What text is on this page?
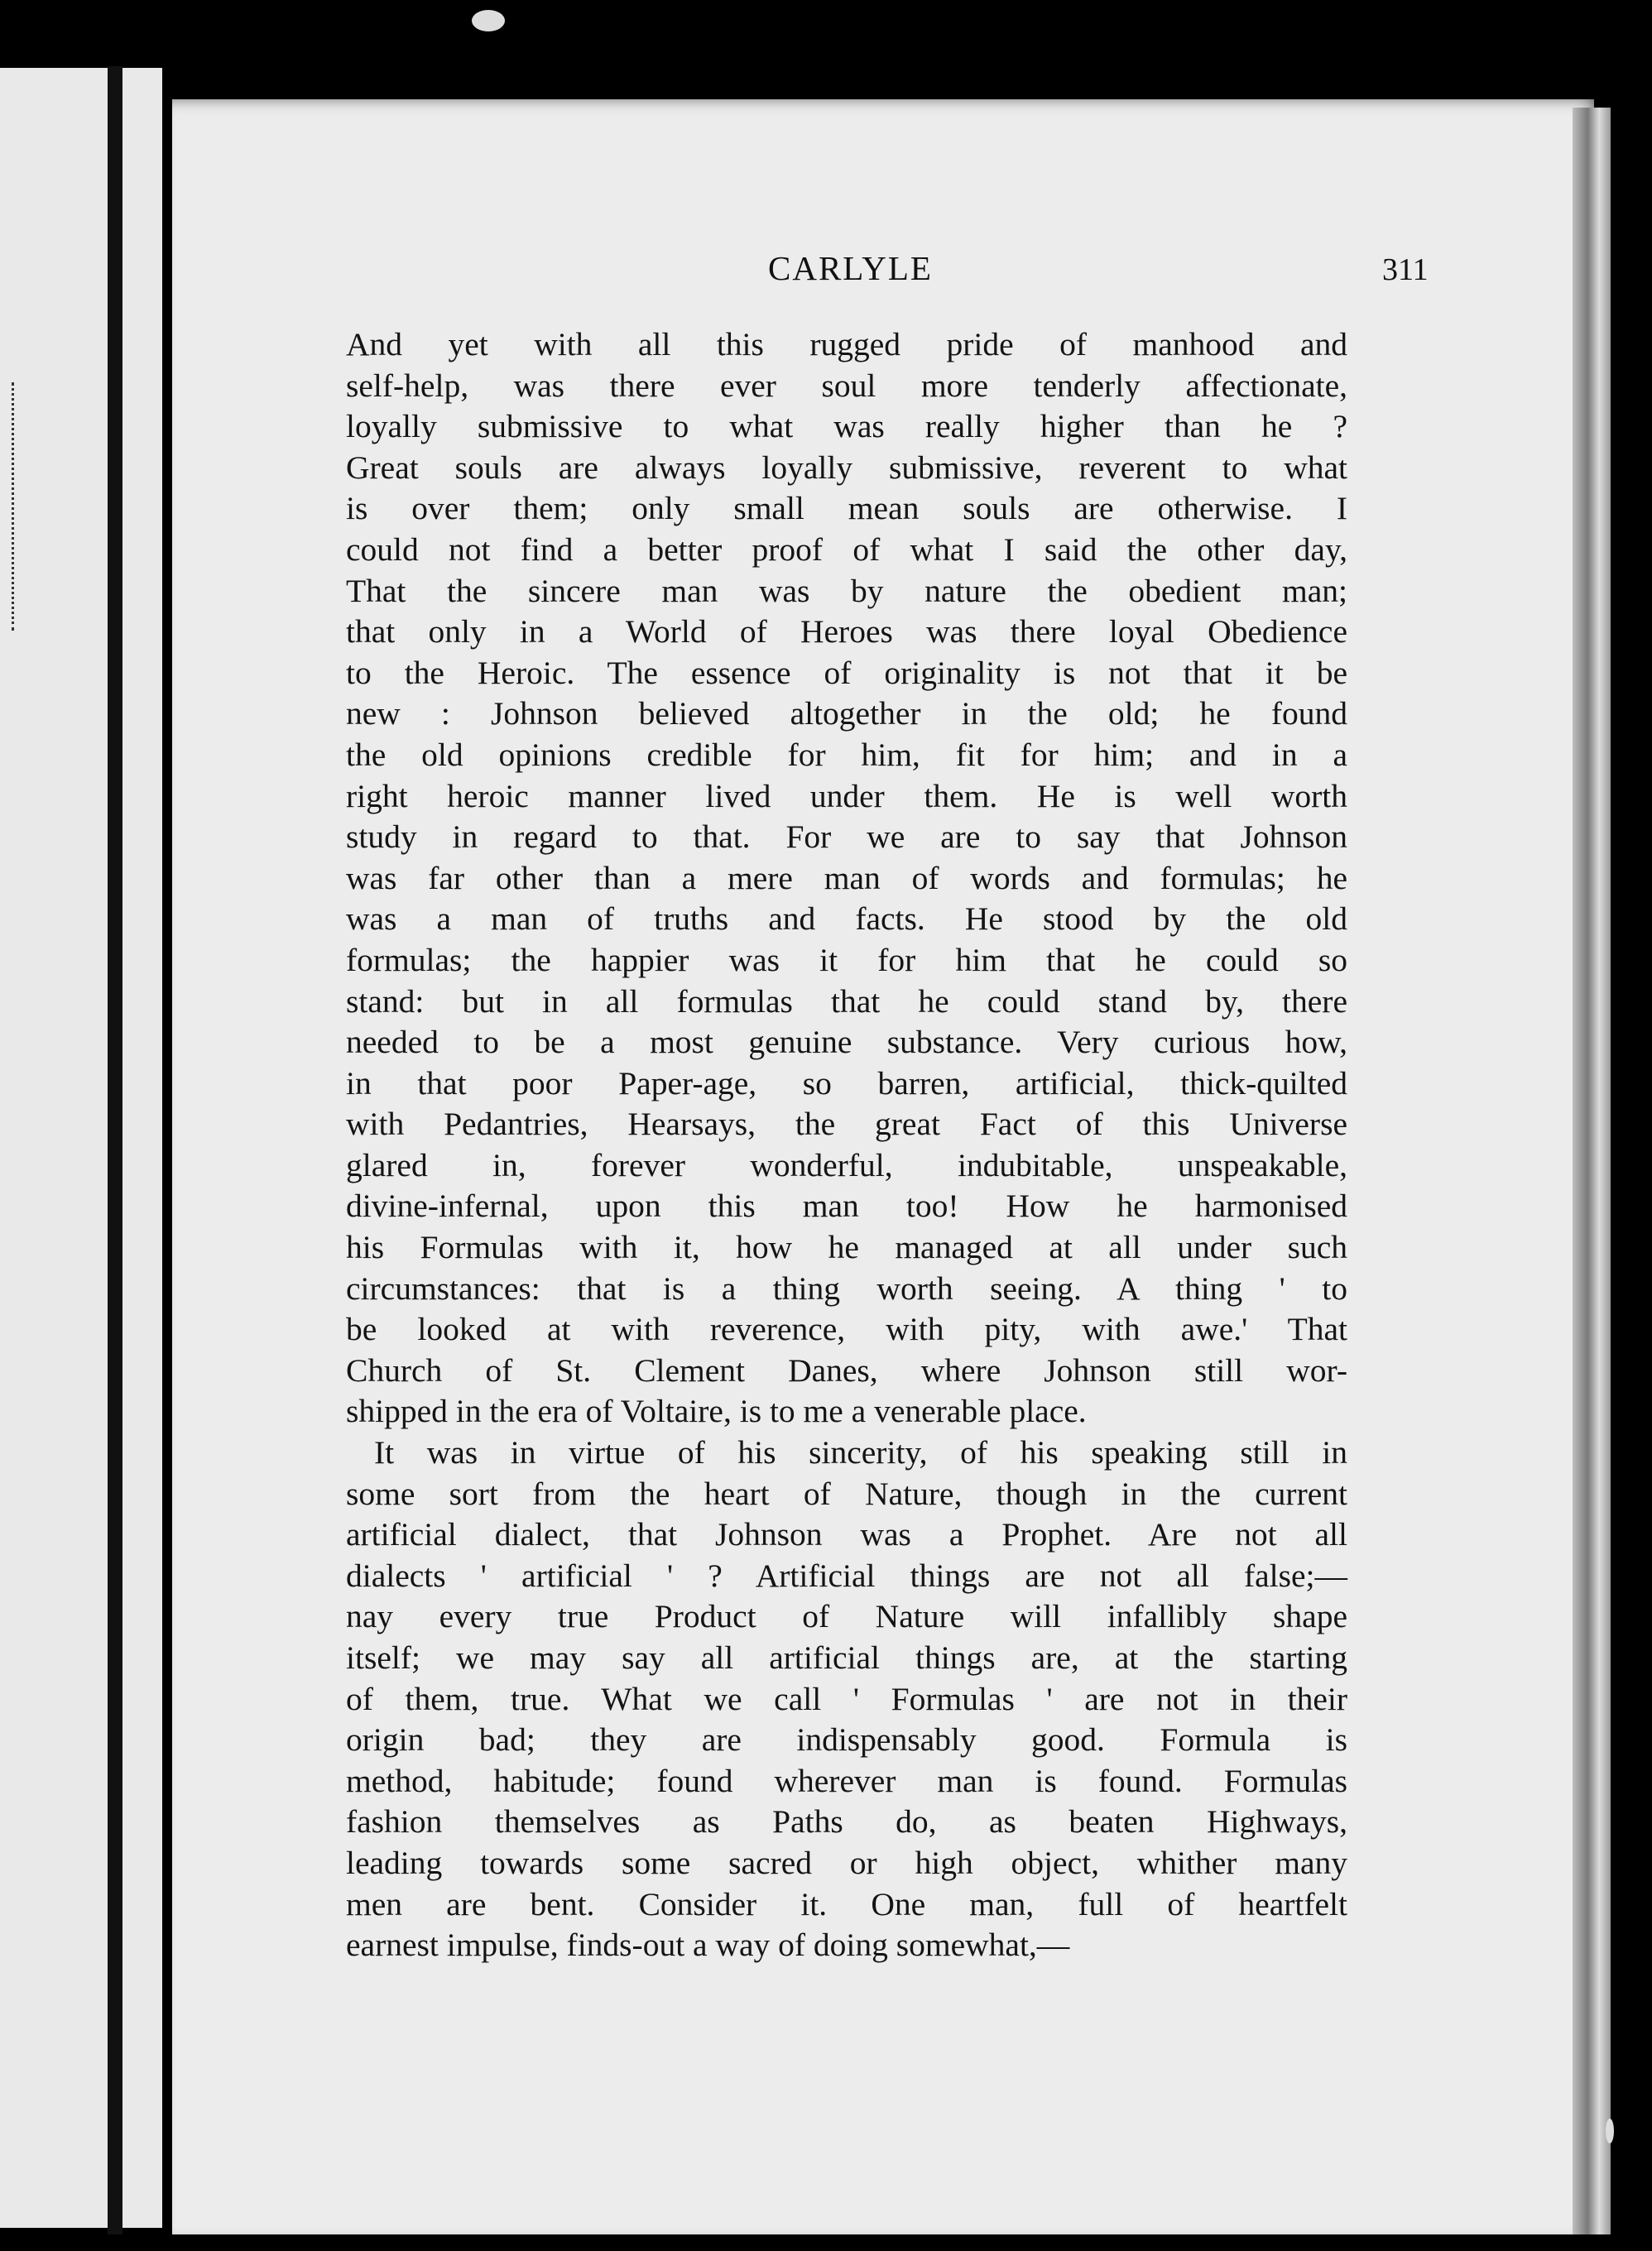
CARLYLE	311
And yet with all this rugged pride of manhood and
self-help, was there ever soul more tenderly affectionate,
loyally submissive to what was really higher than he ?
Great souls are always loyally submissive, reverent to what
is over them; only small mean souls are otherwise. I
could not find a better proof of what I said the other day,
That the sincere man was by nature the obedient man;
that only in a World of Heroes was there loyal Obedience
to the Heroic. The essence of originality is not that it be
new : Johnson believed altogether in the old; he found
the old opinions credible for him, fit for him; and in a
right heroic manner lived under them. He is well worth
study in regard to that. For we are to say that Johnson
was far other than a mere man of words and formulas; he
was a man of truths and facts. He stood by the old
formulas; the happier was it for him that he could so
stand: but in all formulas that he could stand by, there
needed to be a most genuine substance. Very curious how,
in that poor Paper-age, so barren, artificial, thick-quilted
with Pedantries, Hearsays, the great Fact of this Universe
glared in, forever wonderful, indubitable, unspeakable,
divine-infernal, upon this man too! How he harmonised
his Formulas with it, how he managed at all under such
circumstances: that is a thing worth seeing. A thing ' to
be looked at with reverence, with pity, with awe.' That
Church of St. Clement Danes, where Johnson still wor-
shipped in the era of Voltaire, is to me a venerable place.
It was in virtue of his sincerity, of his speaking still in
some sort from the heart of Nature, though in the current
artificial dialect, that Johnson was a Prophet. Are not all
dialects ' artificial ' ? Artificial things are not all false;—
nay every true Product of Nature will infallibly shape
itself; we may say all artificial things are, at the starting
of them, true. What we call ' Formulas ' are not in their
origin bad; they are indispensably good. Formula is
method, habitude; found wherever man is found. Formulas
fashion themselves as Paths do, as beaten Highways,
leading towards some sacred or high object, whither many
men are bent. Consider it. One man, full of heartfelt
earnest impulse, finds-out a way of doing somewhat,—
